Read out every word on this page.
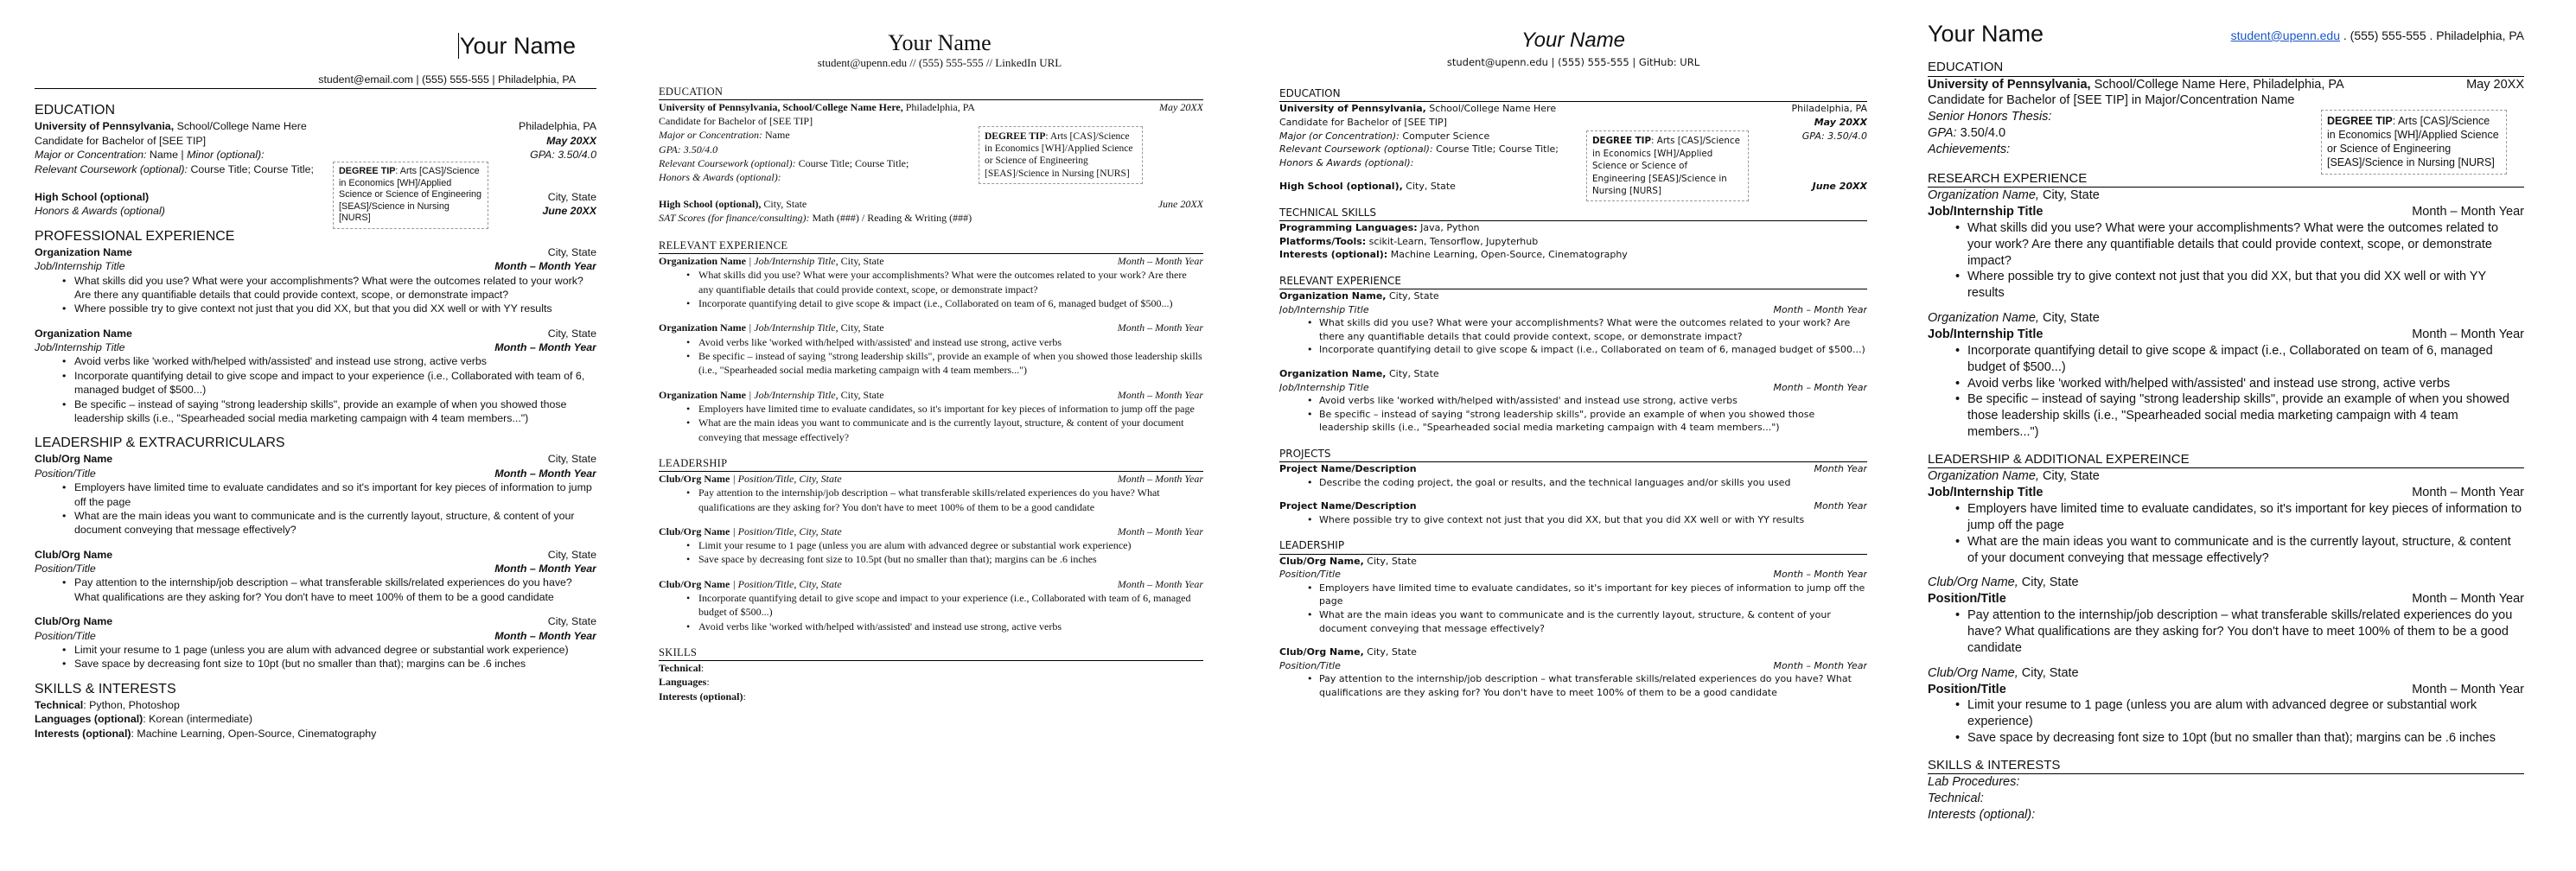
Your Name
student@email.com | (555) 555-555 | Philadelphia, PA
EDUCATION
University of Pennsylvania, School/College Name Here	Philadelphia, PA
Candidate for Bachelor of [SEE TIP]	May 20XX
Major or Concentration: Name | Minor (optional):	GPA: 3.50/4.0
Relevant Coursework (optional): Course Title; Course Title;	DEGREE TIP: Arts [CAS]/Science in Economics [WH]/Applied Science or Science of Engineering [SEAS]/Science in Nursing [NURS]
High School (optional)	City, State
Honors & Awards (optional)	June 20XX
PROFESSIONAL EXPERIENCE
Organization Name	City, State
Job/Internship Title	Month – Month Year
• What skills did you use? What were your accomplishments? What were the outcomes related to your work? Are there any quantifiable details that could provide context, scope, or demonstrate impact?
• Where possible try to give context not just that you did XX, but that you did XX well or with YY results
Organization Name	City, State
Job/Internship Title	Month – Month Year
• Avoid verbs like 'worked with/helped with/assisted' and instead use strong, active verbs
• Incorporate quantifying detail to give scope and impact to your experience (i.e., Collaborated with team of 6, managed budget of $500...)
• Be specific – instead of saying "strong leadership skills", provide an example of when you showed those leadership skills (i.e., "Spearheaded social media marketing campaign with 4 team members...")
LEADERSHIP & EXTRACURRICULARS
Club/Org Name	City, State
Position/Title	Month – Month Year
• Employers have limited time to evaluate candidates and so it's important for key pieces of information to jump off the page
• What are the main ideas you want to communicate and is the currently layout, structure, & content of your document conveying that message effectively?
Club/Org Name	City, State
Position/Title	Month – Month Year
• Pay attention to the internship/job description – what transferable skills/related experiences do you have? What qualifications are they asking for? You don't have to meet 100% of them to be a good candidate
Club/Org Name	City, State
Position/Title	Month – Month Year
• Limit your resume to 1 page (unless you are alum with advanced degree or substantial work experience)
• Save space by decreasing font size to 10pt (but no smaller than that); margins can be .6 inches
SKILLS & INTERESTS
Technical: Python, Photoshop
Languages (optional): Korean (intermediate)
Interests (optional): Machine Learning, Open-Source, Cinematography
Your Name
student@upenn.edu // (555) 555-555 // LinkedIn URL
EDUCATION
University of Pennsylvania, School/College Name Here, Philadelphia, PA	May 20XX
Candidate for Bachelor of [SEE TIP]
Major or Concentration: Name
GPA: 3.50/4.0
Relevant Coursework (optional): Course Title; Course Title;
Honors & Awards (optional):
DEGREE TIP: Arts [CAS]/Science in Economics [WH]/Applied Science or Science of Engineering [SEAS]/Science in Nursing [NURS]
High School (optional), City, State	June 20XX
SAT Scores (for finance/consulting): Math (###) / Reading & Writing (###)
RELEVANT EXPERIENCE
Organization Name | Job/Internship Title, City, State	Month – Month Year
• What skills did you use? What were your accomplishments? What were the outcomes related to your work? Are there any quantifiable details that could provide context, scope, or demonstrate impact?
• Incorporate quantifying detail to give scope & impact (i.e., Collaborated on team of 6, managed budget of $500...)
Organization Name | Job/Internship Title, City, State	Month – Month Year
• Avoid verbs like 'worked with/helped with/assisted' and instead use strong, active verbs
• Be specific – instead of saying "strong leadership skills", provide an example of when you showed those leadership skills (i.e., "Spearheaded social media marketing campaign with 4 team members...")
Organization Name | Job/Internship Title, City, State	Month – Month Year
• Employers have limited time to evaluate candidates, so it's important for key pieces of information to jump off the page
• What are the main ideas you want to communicate and is the currently layout, structure, & content of your document conveying that message effectively?
LEADERSHIP
Club/Org Name | Position/Title, City, State	Month – Month Year
• Pay attention to the internship/job description – what transferable skills/related experiences do you have? What qualifications are they asking for? You don't have to meet 100% of them to be a good candidate
Club/Org Name | Position/Title, City, State	Month – Month Year
• Limit your resume to 1 page (unless you are alum with advanced degree or substantial work experience)
• Save space by decreasing font size to 10.5pt (but no smaller than that); margins can be .6 inches
Club/Org Name | Position/Title, City, State	Month – Month Year
• Incorporate quantifying detail to give scope and impact to your experience (i.e., Collaborated with team of 6, managed budget of $500...)
• Avoid verbs like 'worked with/helped with/assisted' and instead use strong, active verbs
SKILLS
Technical:
Languages:
Interests (optional):
Your Name
student@upenn.edu | (555) 555-555 | GitHub: URL
EDUCATION
University of Pennsylvania, School/College Name Here	Philadelphia, PA
Candidate for Bachelor of [SEE TIP]	May 20XX
Major (or Concentration): Computer Science	GPA: 3.50/4.0
Relevant Coursework (optional): Course Title; Course Title;
Honors & Awards (optional):
DEGREE TIP: Arts [CAS]/Science in Economics [WH]/Applied Science or Science of Engineering [SEAS]/Science in Nursing [NURS]
High School (optional), City, State	June 20XX
TECHNICAL SKILLS
Programming Languages: Java, Python
Platforms/Tools: scikit-Learn, Tensorflow, Jupyterhub
Interests (optional): Machine Learning, Open-Source, Cinematography
RELEVANT EXPERIENCE
Organization Name, City, State
Job/Internship Title	Month – Month Year
• What skills did you use? What were your accomplishments? What were the outcomes related to your work? Are there any quantifiable details that could provide context, scope, or demonstrate impact?
• Incorporate quantifying detail to give scope & impact (i.e., Collaborated on team of 6, managed budget of $500...)
Organization Name, City, State
Job/Internship Title	Month – Month Year
• Avoid verbs like 'worked with/helped with/assisted' and instead use strong, active verbs
• Be specific – instead of saying "strong leadership skills", provide an example of when you showed those leadership skills (i.e., "Spearheaded social media marketing campaign with 4 team members...")
PROJECTS
Project Name/Description	Month Year
• Describe the coding project, the goal or results, and the technical languages and/or skills you used
Project Name/Description	Month Year
• Where possible try to give context not just that you did XX, but that you did XX well or with YY results
LEADERSHIP
Club/Org Name, City, State
Position/Title	Month – Month Year
• Employers have limited time to evaluate candidates, so it's important for key pieces of information to jump off the page
• What are the main ideas you want to communicate and is the currently layout, structure, & content of your document conveying that message effectively?
Club/Org Name, City, State
Position/Title	Month – Month Year
• Pay attention to the internship/job description – what transferable skills/related experiences do you have? What qualifications are they asking for? You don't have to meet 100% of them to be a good candidate
Your Name	student@upenn.edu . (555) 555-555 . Philadelphia, PA
EDUCATION
University of Pennsylvania, School/College Name Here, Philadelphia, PA	May 20XX
Candidate for Bachelor of [SEE TIP] in Major/Concentration Name
Senior Honors Thesis:
GPA: 3.50/4.0
Achievements:
DEGREE TIP: Arts [CAS]/Science in Economics [WH]/Applied Science or Science of Engineering [SEAS]/Science in Nursing [NURS]
RESEARCH EXPERIENCE
Organization Name, City, State
Job/Internship Title	Month – Month Year
• What skills did you use? What were your accomplishments? What were the outcomes related to your work? Are there any quantifiable details that could provide context, scope, or demonstrate impact?
• Where possible try to give context not just that you did XX, but that you did XX well or with YY results
Organization Name, City, State
Job/Internship Title	Month – Month Year
• Incorporate quantifying detail to give scope & impact (i.e., Collaborated on team of 6, managed budget of $500...)
• Avoid verbs like 'worked with/helped with/assisted' and instead use strong, active verbs
• Be specific – instead of saying "strong leadership skills", provide an example of when you showed those leadership skills (i.e., "Spearheaded social media marketing campaign with 4 team members...")
LEADERSHIP & ADDITIONAL EXPEREINCE
Organization Name, City, State
Job/Internship Title	Month – Month Year
• Employers have limited time to evaluate candidates, so it's important for key pieces of information to jump off the page
• What are the main ideas you want to communicate and is the currently layout, structure, & content of your document conveying that message effectively?
Club/Org Name, City, State
Position/Title	Month – Month Year
• Pay attention to the internship/job description – what transferable skills/related experiences do you have? What qualifications are they asking for? You don't have to meet 100% of them to be a good candidate
Club/Org Name, City, State
Position/Title	Month – Month Year
• Limit your resume to 1 page (unless you are alum with advanced degree or substantial work experience)
• Save space by decreasing font size to 10pt (but no smaller than that); margins can be .6 inches
SKILLS & INTERESTS
Lab Procedures:
Technical:
Interests (optional):
